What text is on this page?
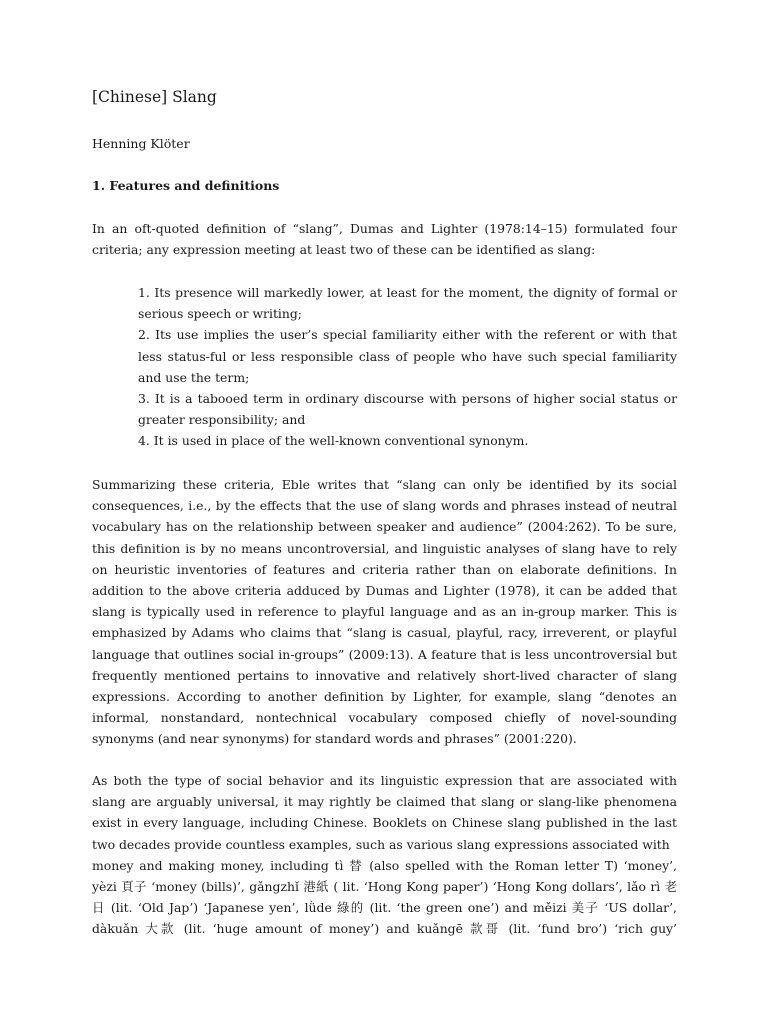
[Chinese] Slang
Henning Klöter
1. Features and definitions

In an oft-quoted definition of “slang”, Dumas and Lighter (1978:14–15) formulated four criteria; any expression meeting at least two of these can be identified as slang:

1. Its presence will markedly lower, at least for the moment, the dignity of formal or serious speech or writing;
2. Its use implies the user’s special familiarity either with the referent or with that less status-ful or less responsible class of people who have such special familiarity and use the term;
3. It is a tabooed term in ordinary discourse with persons of higher social status or greater responsibility; and
4. It is used in place of the well-known conventional synonym.

Summarizing these criteria, Eble writes that “slang can only be identified by its social consequences, i.e., by the effects that the use of slang words and phrases instead of neutral vocabulary has on the relationship between speaker and audience” (2004:262). To be sure, this definition is by no means uncontroversial, and linguistic analyses of slang have to rely on heuristic inventories of features and criteria rather than on elaborate definitions. In addition to the above criteria adduced by Dumas and Lighter (1978), it can be added that slang is typically used in reference to playful language and as an in-group marker. This is emphasized by Adams who claims that “slang is casual, playful, racy, irreverent, or playful language that outlines social in-groups” (2009:13). A feature that is less uncontroversial but frequently mentioned pertains to innovative and relatively short-lived character of slang expressions. According to another definition by Lighter, for example, slang “denotes an informal, nonstandard, nontechnical vocabulary composed chiefly of novel-sounding synonyms (and near synonyms) for standard words and phrases” (2001:220).

As both the type of social behavior and its linguistic expression that are associated with slang are arguably universal, it may rightly be claimed that slang or slang-like phenomena exist in every language, including Chinese. Booklets on Chinese slang published in the last two decades provide countless examples, such as various slang expressions associated with

money and making money, including tì 替 (also spelled with the Roman letter T) ‘money’,
yèzi 頁子 ‘money (bills)’, gǎngzhǐ 港紙 ( lit. ‘Hong Kong paper’) ‘Hong Kong dollars’, lǎo rì 老
日 (lit. ‘Old Jap’) ‘Japanese yen’, lǜde 綠的 (lit. ‘the green one’) and měizi 美子 ‘US dollar’,
dàkuǎn 大款 (lit. ‘huge amount of money’) and kuǎngē 款哥 (lit. ‘fund bro’) ‘rich guy’
